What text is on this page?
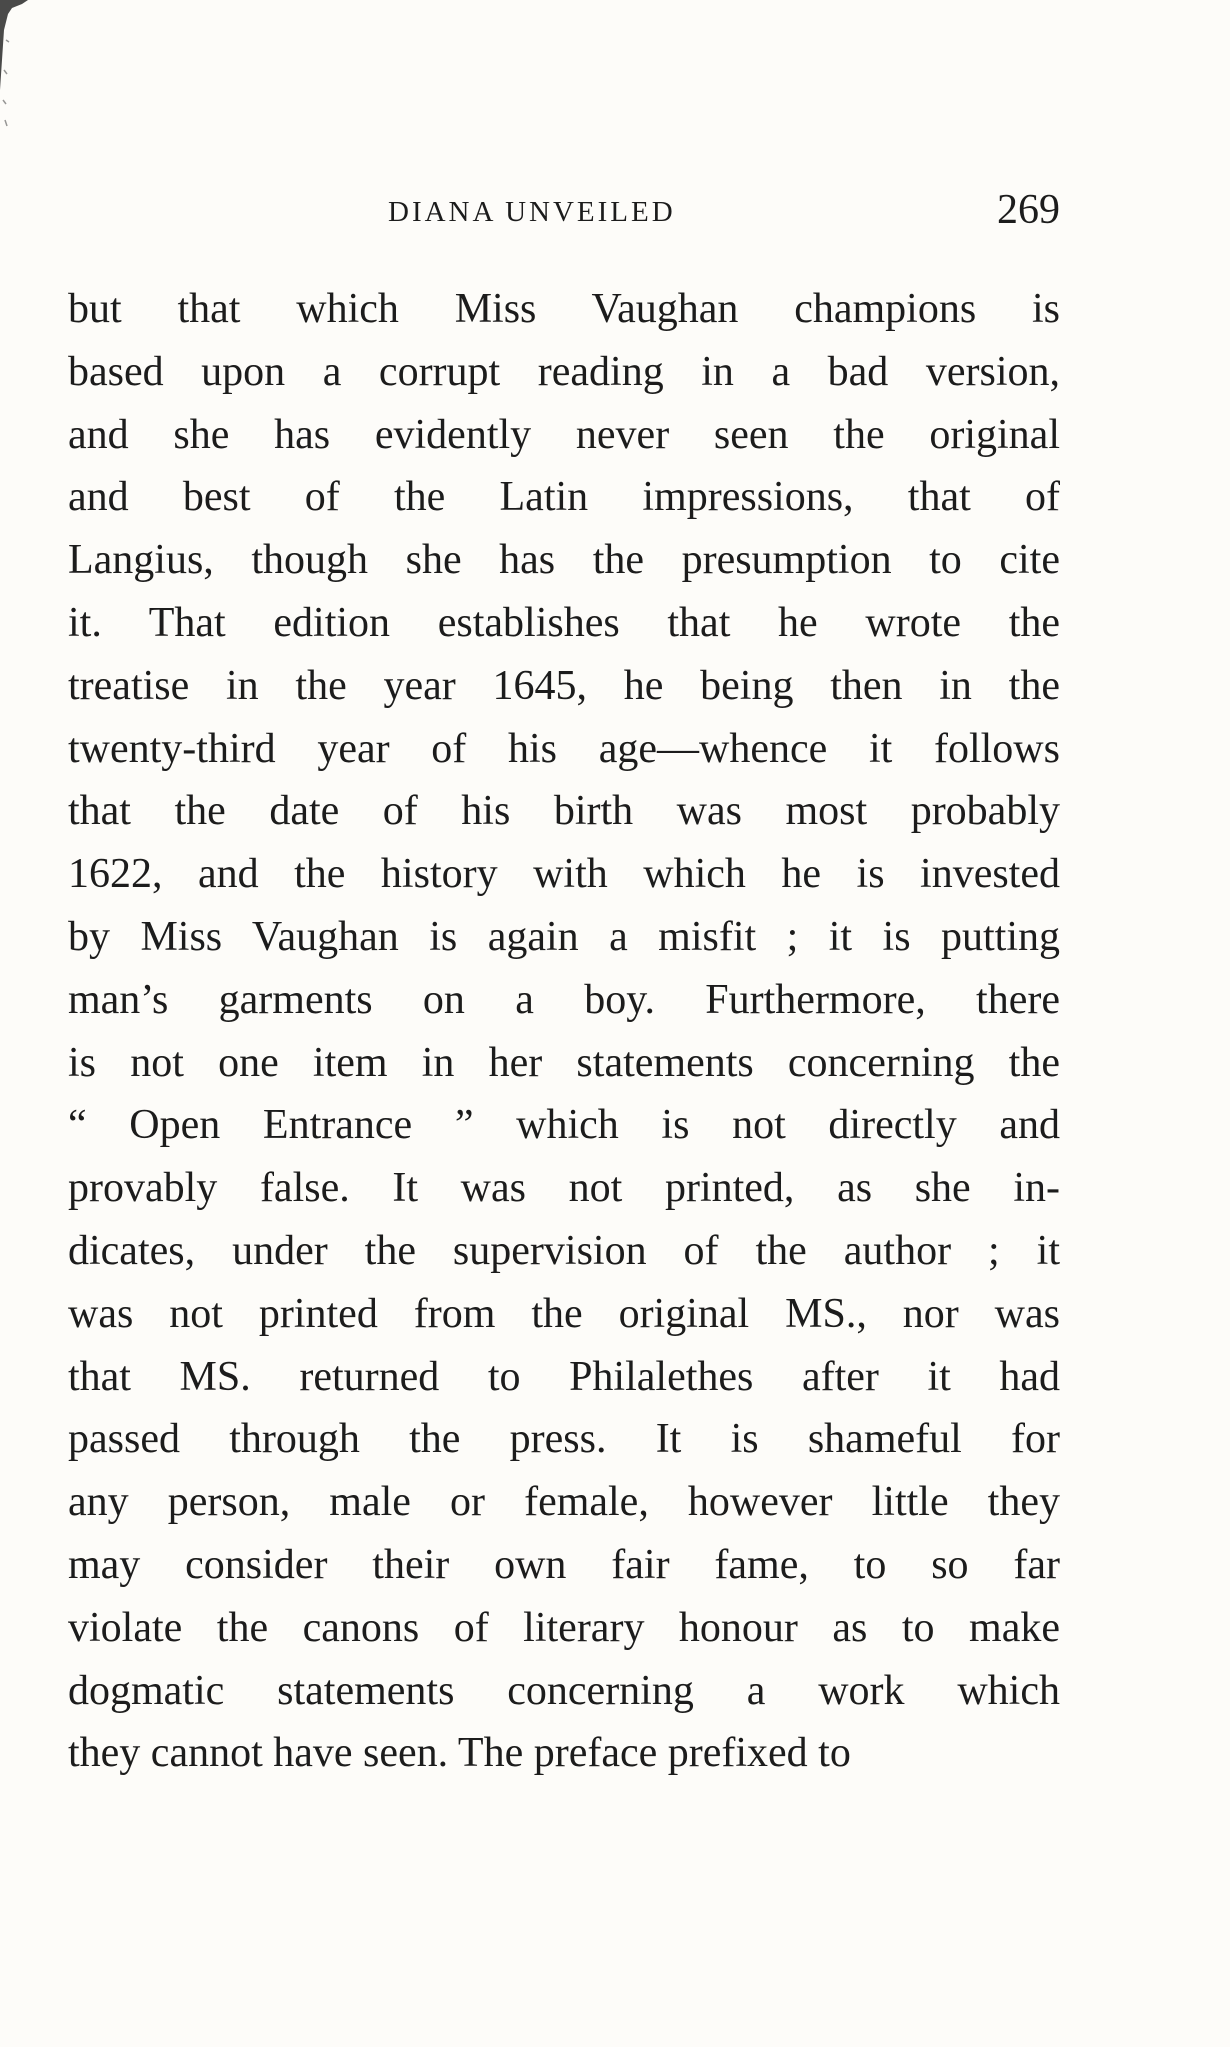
DIANA UNVEILED	269
but that which Miss Vaughan champions is
based upon a corrupt reading in a bad version,
and she has evidently never seen the original
and best of the Latin impressions, that of
Langius, though she has the presumption to cite
it. That edition establishes that he wrote the
treatise in the year 1645, he being then in the
twenty-third year of his age—whence it follows
that the date of his birth was most probably
1622, and the history with which he is invested
by Miss Vaughan is again a misfit ; it is putting
man’s garments on a boy. Furthermore, there
is not one item in her statements concerning the
“ Open Entrance ” which is not directly and
provably false. It was not printed, as she in-
dicates, under the supervision of the author ; it
was not printed from the original MS., nor was
that MS. returned to Philalethes after it had
passed through the press. It is shameful for
any person, male or female, however little they
may consider their own fair fame, to so far
violate the canons of literary honour as to make
dogmatic statements concerning a work which
they cannot have seen. The preface prefixed to
